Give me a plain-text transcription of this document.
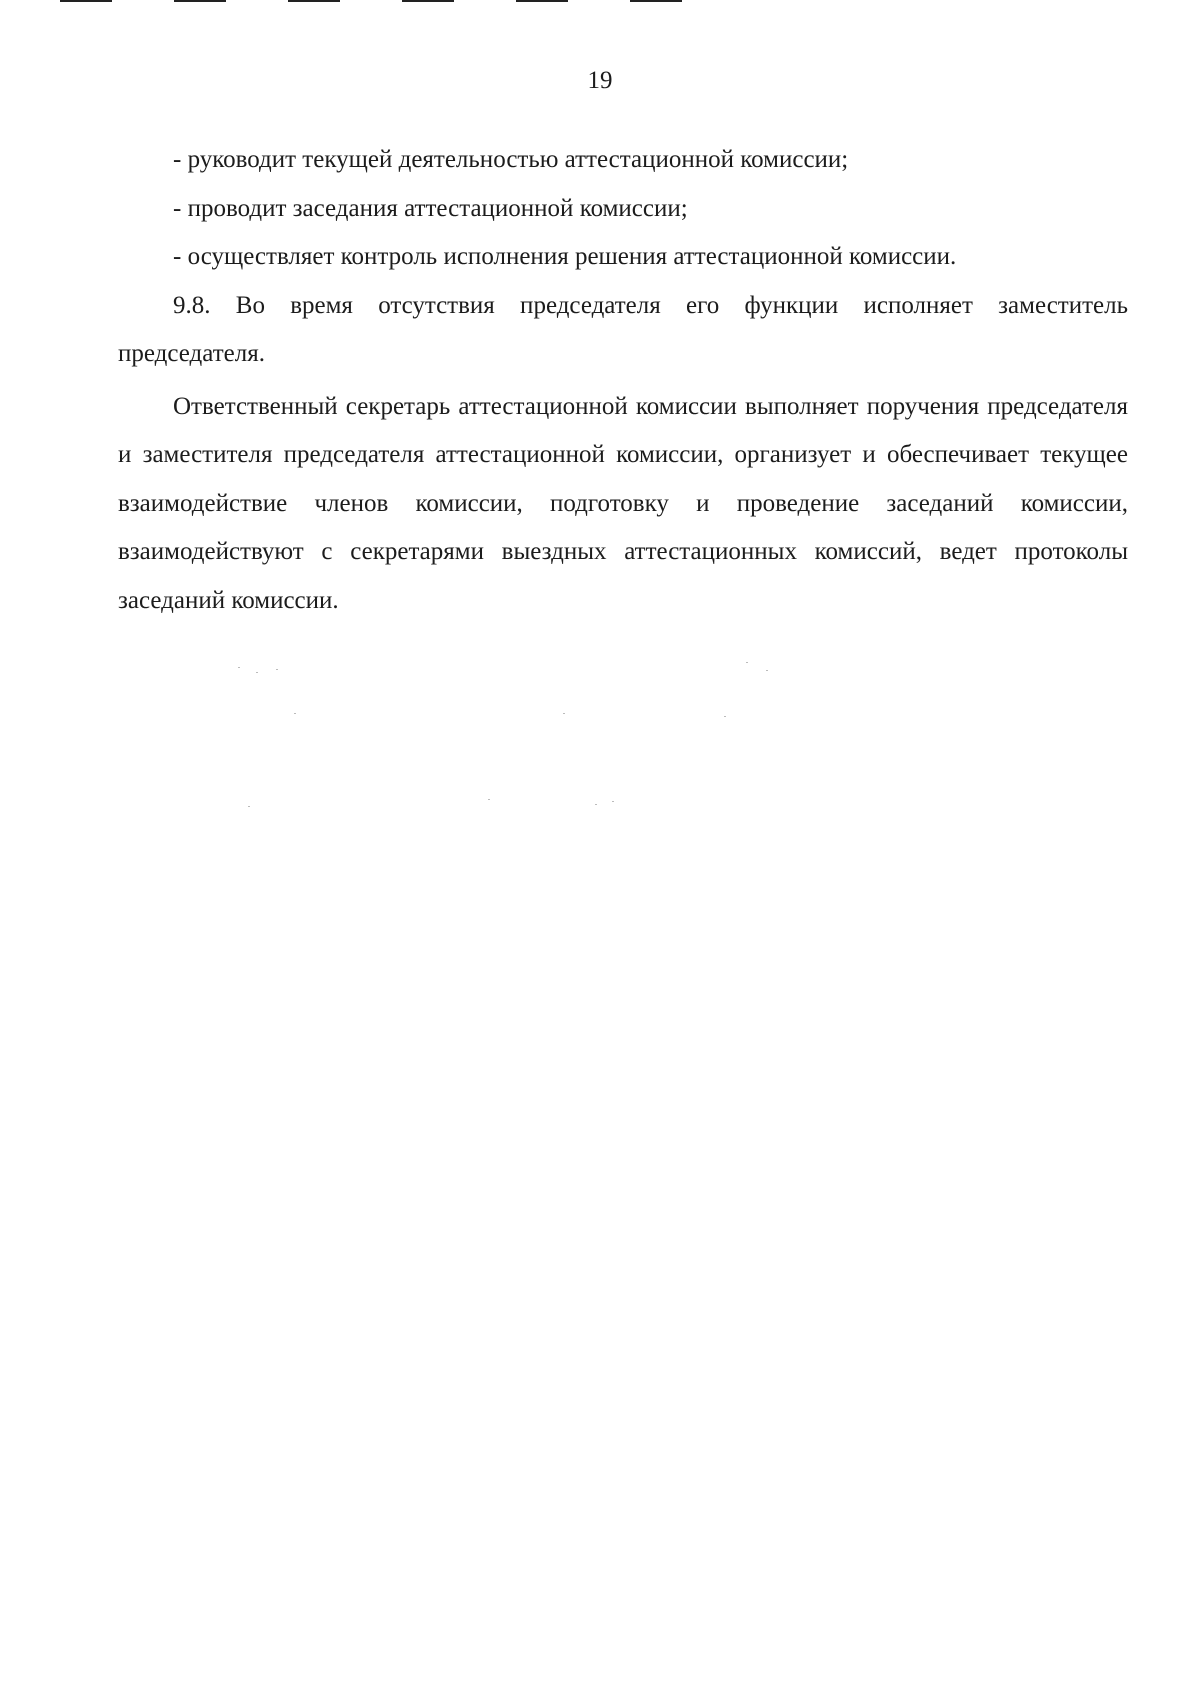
19

- руководит текущей деятельностью аттестационной комиссии;

- проводит заседания аттестационной комиссии;

- осуществляет контроль исполнения решения аттестационной комиссии.

9.8. Во время отсутствия председателя его функции исполняет заместитель председателя.

Ответственный секретарь аттестационной комиссии выполняет поручения председателя и заместителя председателя аттестационной комиссии, организует и обеспечивает текущее взаимодействие членов комиссии, подготовку и проведение заседаний комиссии, взаимодействуют с секретарями выездных аттестационных комиссий, ведет протоколы заседаний комиссии.
